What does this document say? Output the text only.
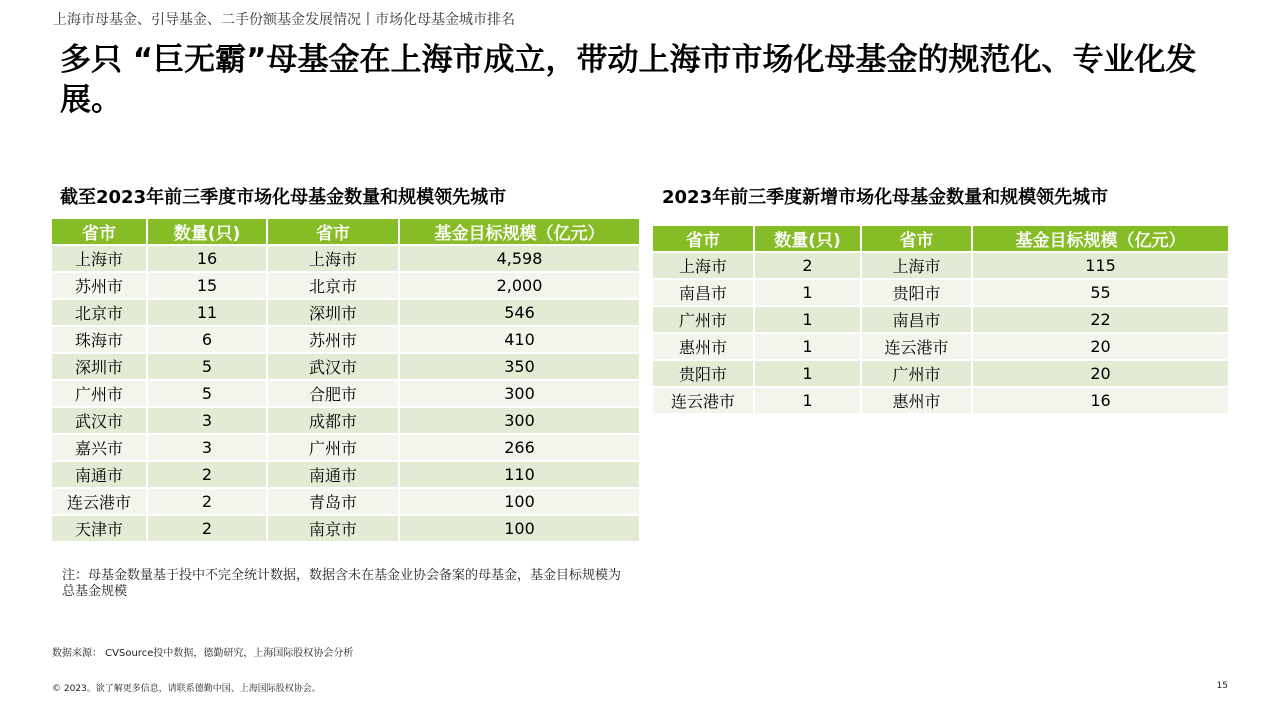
上海市母基金、引导基金、二手份额基金发展情况丨市场化母基金城市排名
多只 “巨无霸”母基金在上海市成立，带动上海市市场化母基金的规范化、专业化发展。
截至2023年前三季度市场化母基金数量和规模领先城市
省市	数量(只)	省市	基金目标规模（亿元）
上海市	16	上海市	4,598
苏州市	15	北京市	2,000
北京市	11	深圳市	546
珠海市	6	苏州市	410
深圳市	5	武汉市	350
广州市	5	合肥市	300
武汉市	3	成都市	300
嘉兴市	3	广州市	266
南通市	2	南通市	110
连云港市	2	青岛市	100
天津市	2	南京市	100
2023年前三季度新增市场化母基金数量和规模领先城市
省市	数量(只)	省市	基金目标规模（亿元）
上海市	2	上海市	115
南昌市	1	贵阳市	55
广州市	1	南昌市	22
惠州市	1	连云港市	20
贵阳市	1	广州市	20
连云港市	1	惠州市	16
注：母基金数量基于投中不完全统计数据，数据含未在基金业协会备案的母基金，基金目标规模为总基金规模
数据来源： CVSource投中数据，德勤研究，上海国际股权协会分析
© 2023。欲了解更多信息，请联系德勤中国、上海国际股权协会。	15
